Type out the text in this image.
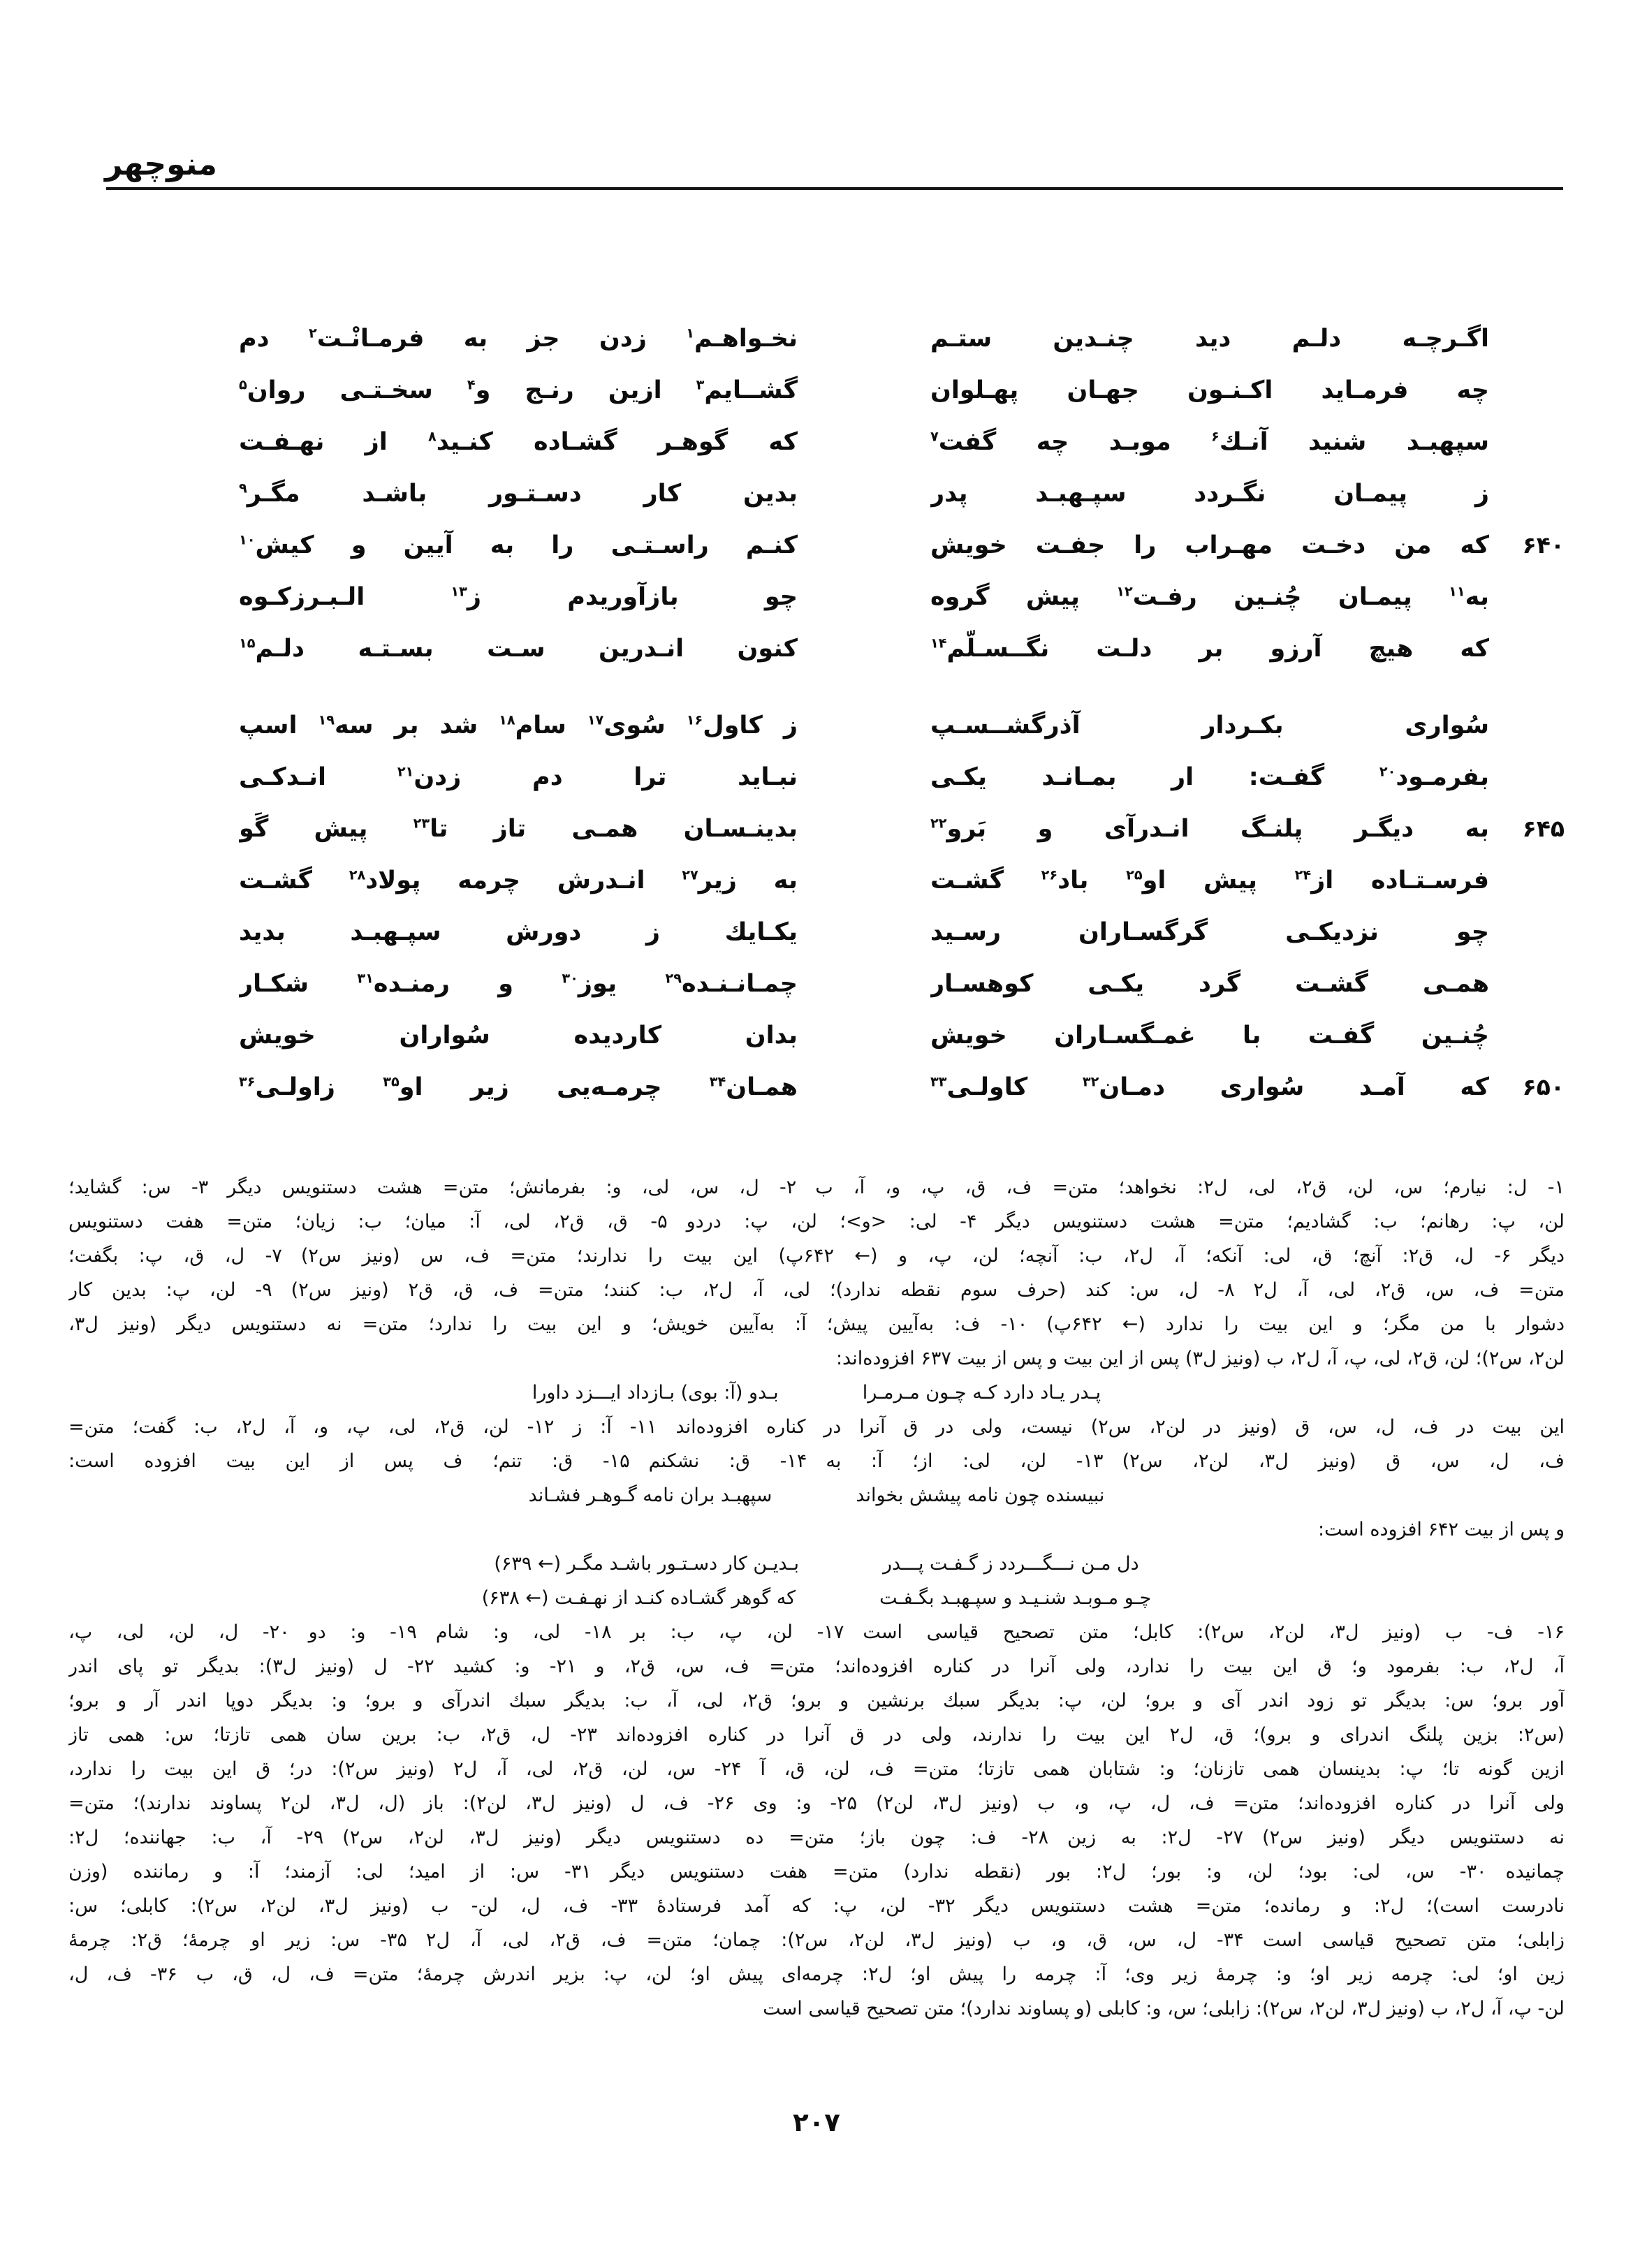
منوچهر
اگـرچـه دلـم ديد چنـدين ستـم
نخـواهـم$^۱$ زدن جز به فرمـانْـت$^۲$ دم
چه فرمـايد اكـنـون جهـان پهـلوان
گشــايم$^۳$ ازين رنـج و$^۴$ سخـتـى روان$^۵$
سپهبـد شنيد آنـك$^۶$ موبـد چه گفت$^۷$
كه گوهـر گشـاده كنـيد$^۸$ از نهـفـت
ز پيمـان نگـردد سپـهبـد پدر
بدين كار دسـتـور باشـد مگـر$^۹$
۶۴۰
كه من دخـت مهـراب را جفـت خويش
كنـم راسـتـى را به آيين و كيش$^{۱۰}$
به$^{۱۱}$ پيمـان چُنـين رفـت$^{۱۲}$ پيش گروه
چو بازآوريدم ز$^{۱۳}$ الـبـرزكـوه
كه هيچ آرزو بر دلـت نگــسـلّم$^{۱۴}$
كنون انـدرين سـت بسـتـه دلـم$^{۱۵}$
سُوارى بكـردار آذرگشــسـپ
ز كاول$^{۱۶}$ سُوى$^{۱۷}$ سام$^{۱۸}$ شد بر سه$^{۱۹}$ اسپ
بفرمـود$^{۲۰}$ گفـت: ار بمـانـد يكـى
نبـايد ترا دم زدن$^{۲۱}$ انـدكـى
۶۴۵
به ديگـر پلنـگ انـدرآى و بَرو$^{۲۲}$
بدينـسـان همـى تاز تا$^{۲۳}$ پيش گَو
فرسـتـاده از$^{۲۴}$ پيش او$^{۲۵}$ باد$^{۲۶}$ گشـت
به زير$^{۲۷}$ انـدرش چرمه پولاد$^{۲۸}$ گشـت
چو نزديكـى گرگسـاران رسـيد
يكـايك ز دورش سپـهبـد بديد
همـى گشـت گرد يكـى كوهسـار
چمـانـنـده$^{۲۹}$ يوز$^{۳۰}$ و رمنـده$^{۳۱}$ شكـار
چُنـين گفـت با غمـگسـاران خويش
بدان كارديده سُواران خويش
۶۵۰
كه آمـد سُوارى دمـان$^{۳۲}$ كاولـى$^{۳۳}$
همـان$^{۳۴}$ چرمـه‌يى زير او$^{۳۵}$ زاولـى$^{۳۶}$
۱- ل: نيارم؛ س، لن، ق۲، لى، ل۲: نخواهد؛ متن= ف، ق، پ، و، آ، ب ۲- ل، س، لى، و: بفرمانش؛ متن= هشت دستنويس ديگر ۳- س: گشايد؛
لن، پ: رهانم؛ ب: گشاديم؛ متن= هشت دستنويس ديگر ۴- لى: <و>؛ لن، پ: دردو ۵- ق، ق۲، لى، آ: ميان؛ ب: زيان؛ متن= هفت دستنويس
ديگر ۶- ل، ق۲: آنچ؛ ق، لى: آنكه؛ آ، ل۲، ب: آنچه؛ لن، پ، و (← ۶۴۲پ) اين بيت را ندارند؛ متن= ف، س (ونيز س۲) ۷- ل، ق، پ: بگفت؛
متن= ف، س، ق۲، لى، آ، ل۲ ۸- ل، س: كند (حرف سوم نقطه ندارد)؛ لى، آ، ل۲، ب: كنند؛ متن= ف، ق، ق۲ (ونيز س۲) ۹- لن، پ: بدين كار
دشوار با من مگر؛ و اين بيت را ندارد (← ۶۴۲پ) ۱۰- ف: به‌آيين پيش؛ آ: به‌آيين خويش؛ و اين بيت را ندارد؛ متن= نه دستنويس ديگر (ونيز ل۳،
لن۲، س۲)؛ لن، ق۲، لى، پ، آ، ل۲، ب (ونيز ل۳) پس از اين بيت و پس از بيت ۶۳۷ افزوده‌اند:
پـدر يـاد دارد كـه چـون مـرمـرا
بـدو (آ: بوى) بـازداد ايـــزد داورا
اين بيت در ف، ل، س، ق (ونيز در لن۲، س۲) نيست، ولى در ق آنرا در كناره افزوده‌اند ۱۱- آ: ز ۱۲- لن، ق۲، لى، پ، و، آ، ل۲، ب: گفت؛ متن=
ف، ل، س، ق (ونيز ل۳، لن۲، س۲) ۱۳- لن، لى: از؛ آ: به ۱۴- ق: نشكنم ۱۵- ق: تنم؛ ف پس از اين بيت افزوده است:
نبيسنده چون نامه پيشش بخواند
سپهبـد بران نامه گـوهـر فشـاند
و پس از بيت ۶۴۲ افزوده است:
دل مـن نـــگـــردد ز گـفـت پـــدر
بـديـن كار دسـتـور باشـد مگـر (← ۶۳۹)
چـو مـوبـد شنـيـد و سپـهبـد بگـفـت
كه گوهر گشـاده كنـد از نهـفـت (← ۶۳۸)
۱۶- ف- ب (ونيز ل۳، لن۲، س۲): كابل؛ متن تصحيح قياسى است ۱۷- لن، پ، ب: بر ۱۸- لى، و: شام ۱۹- و: دو ۲۰- ل، لن، لى، پ،
آ، ل۲، ب: بفرمود و؛ ق اين بيت را ندارد، ولى آنرا در كناره افزوده‌اند؛ متن= ف، س، ق۲، و ۲۱- و: كشيد ۲۲- ل (ونيز ل۳): بديگر تو پاى اندر
آور برو؛ س: بديگر تو زود اندر آى و برو؛ لن، پ: بديگر سبك برنشين و برو؛ ق۲، لى، آ، ب: بديگر سبك اندرآى و برو؛ و: بديگر دوپا اندر آر و برو؛
(س۲: بزين پلنگ اندراى و برو)؛ ق، ل۲ اين بيت را ندارند، ولى در ق آنرا در كناره افزوده‌اند ۲۳- ل، ق۲، ب: برين سان همى تازتا؛ س: همى تاز
ازين گونه تا؛ پ: بدينسان همى تازنان؛ و: شتابان همى تازتا؛ متن= ف، لن، ق، آ ۲۴- س، لن، ق۲، لى، آ، ل۲ (ونيز س۲): در؛ ق اين بيت را ندارد،
ولى آنرا در كناره افزوده‌اند؛ متن= ف، ل، پ، و، ب (ونيز ل۳، لن۲) ۲۵- و: وى ۲۶- ف، ل (ونيز ل۳، لن۲): باز (ل، ل۳، لن۲ پساوند ندارند)؛ متن=
نه دستنويس ديگر (ونيز س۲) ۲۷- ل۲: به زين ۲۸- ف: چون باز؛ متن= ده دستنويس ديگر (ونيز ل۳، لن۲، س۲) ۲۹- آ، ب: جهاننده؛ ل۲:
چمانيده ۳۰- س، لى: بود؛ لن، و: بور؛ ل۲: بور (نقطه ندارد) متن= هفت دستنويس ديگر ۳۱- س: از اميد؛ لى: آزمند؛ آ: و رماننده (وزن
نادرست است)؛ ل۲: و رمانده؛ متن= هشت دستنويس ديگر ۳۲- لن، پ: كه آمد فرستادهٔ ۳۳- ف، ل، لن- ب (ونيز ل۳، لن۲، س۲): كابلى؛ س:
زابلى؛ متن تصحيح قياسى است ۳۴- ل، س، ق، و، ب (ونيز ل۳، لن۲، س۲): چمان؛ متن= ف، ق۲، لى، آ، ل۲ ۳۵- س: زير او چرمهٔ؛ ق۲: چرمهٔ
زين او؛ لى: چرمه زير او؛ و: چرمهٔ زير وى؛ آ: چرمه را پيش او؛ ل۲: چرمه‌اى پيش او؛ لن، پ: بزير اندرش چرمهٔ؛ متن= ف، ل، ق، ب ۳۶- ف، ل،
لن- پ، آ، ل۲، ب (ونيز ل۳، لن۲، س۲): زابلى؛ س، و: كابلى (و پساوند ندارد)؛ متن تصحيح قياسى است
۲۰۷
